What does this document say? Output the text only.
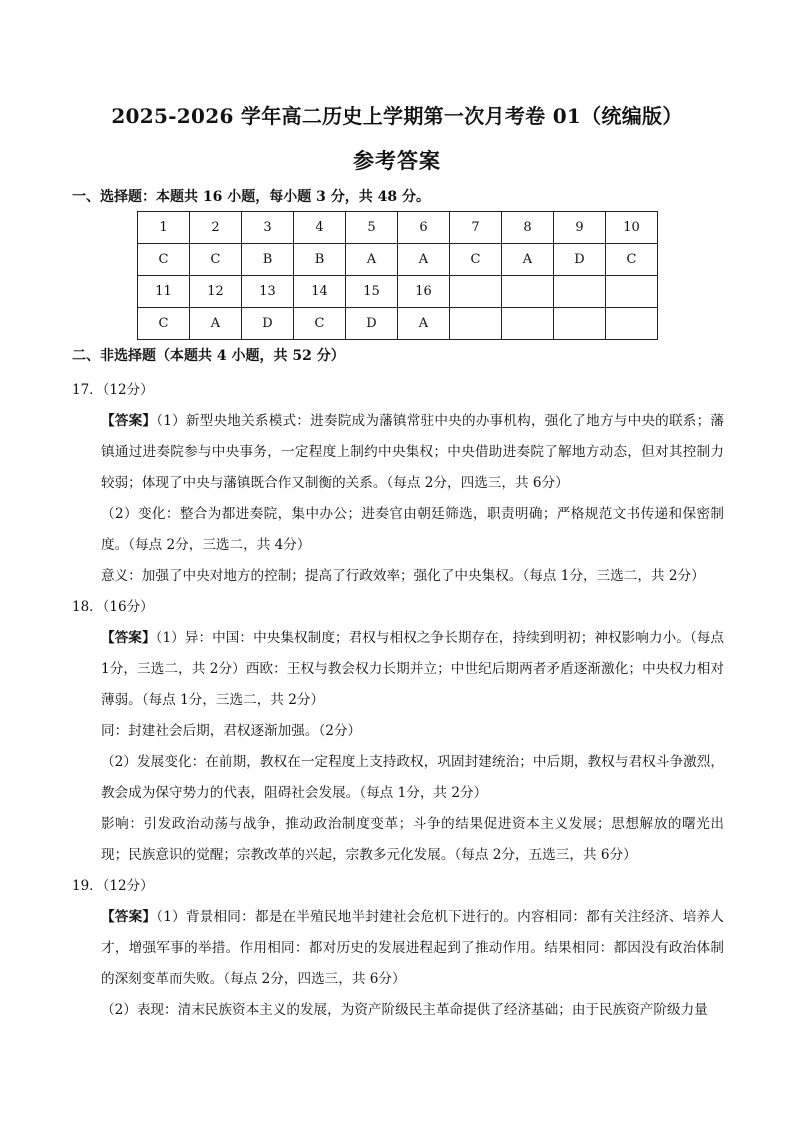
2025-2026 学年高二历史上学期第一次月考卷 01（统编版）
参考答案
一、选择题：本题共 16 小题，每小题 3 分，共 48 分。
1	2	3	4	5	6	7	8	9	10
C	C	B	B	A	A	C	A	D	C
11	12	13	14	15	16				
C	A	D	C	D	A				
二、非选择题（本题共 4 小题，共 52 分）
17．（12分）

【答案】（1）新型央地关系模式：进奏院成为藩镇常驻中央的办事机构，强化了地方与中央的联系；藩镇通过进奏院参与中央事务，一定程度上制约中央集权；中央借助进奏院了解地方动态，但对其控制力较弱；体现了中央与藩镇既合作又制衡的关系。（每点 2分，四选三，共 6分）

（2）变化：整合为都进奏院，集中办公；进奏官由朝廷筛选，职责明确；严格规范文书传递和保密制度。（每点 2分，三选二，共 4分）

意义：加强了中央对地方的控制；提高了行政效率；强化了中央集权。（每点 1分，三选二，共 2分）

18．（16分）

【答案】（1）异：中国：中央集权制度；君权与相权之争长期存在，持续到明初；神权影响力小。（每点 1分，三选二，共 2分）西欧：王权与教会权力长期并立；中世纪后期两者矛盾逐渐激化；中央权力相对薄弱。（每点 1分，三选二，共 2分）

同：封建社会后期，君权逐渐加强。（2分）

（2）发展变化：在前期，教权在一定程度上支持政权，巩固封建统治；中后期，教权与君权斗争激烈，教会成为保守势力的代表，阻碍社会发展。（每点 1分，共 2分）

影响：引发政治动荡与战争，推动政治制度变革；斗争的结果促进资本主义发展；思想解放的曙光出现；民族意识的觉醒；宗教改革的兴起，宗教多元化发展。（每点 2分，五选三，共 6分）

19．（12分）

【答案】（1）背景相同：都是在半殖民地半封建社会危机下进行的。内容相同：都有关注经济、培养人才，增强军事的举措。作用相同：都对历史的发展进程起到了推动作用。结果相同：都因没有政治体制的深刻变革而失败。（每点 2分，四选三，共 6分）

（2）表现：清末民族资本主义的发展，为资产阶级民主革命提供了经济基础；由于民族资产阶级力量
